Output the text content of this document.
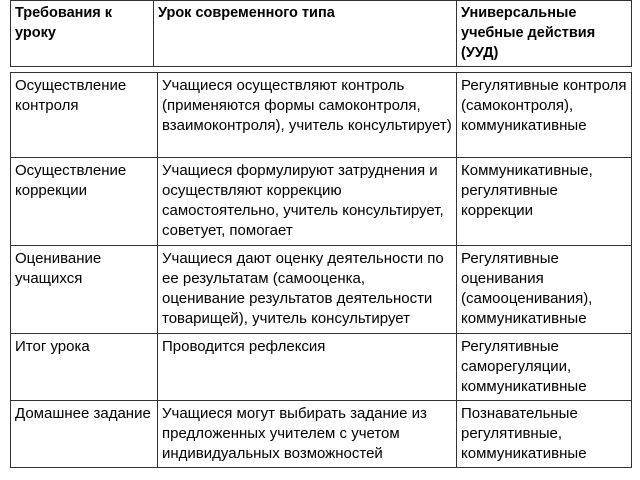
Требования к уроку	Урок современного типа	Универсальные учебные действия (УУД)
Осуществление контроля	Учащиеся осуществляют контроль (применяются формы самоконтроля, взаимоконтроля), учитель консультирует)	Регулятивные контроля (самоконтроля), коммуникативные
Осуществление коррекции	Учащиеся формулируют затруднения и осуществляют коррекцию самостоятельно, учитель консультирует, советует, помогает	Коммуникативные, регулятивные коррекции
Оценивание учащихся	Учащиеся дают оценку деятельности по ее результатам (самооценка, оценивание результатов деятельности товарищей), учитель консультирует	Регулятивные оценивания (самооценивания), коммуникативные
Итог урока	Проводится рефлексия	Регулятивные саморегуляции, коммуникативные
Домашнее задание	Учащиеся могут выбирать задание из предложенных учителем с учетом индивидуальных возможностей	Познавательные регулятивные, коммуникативные
